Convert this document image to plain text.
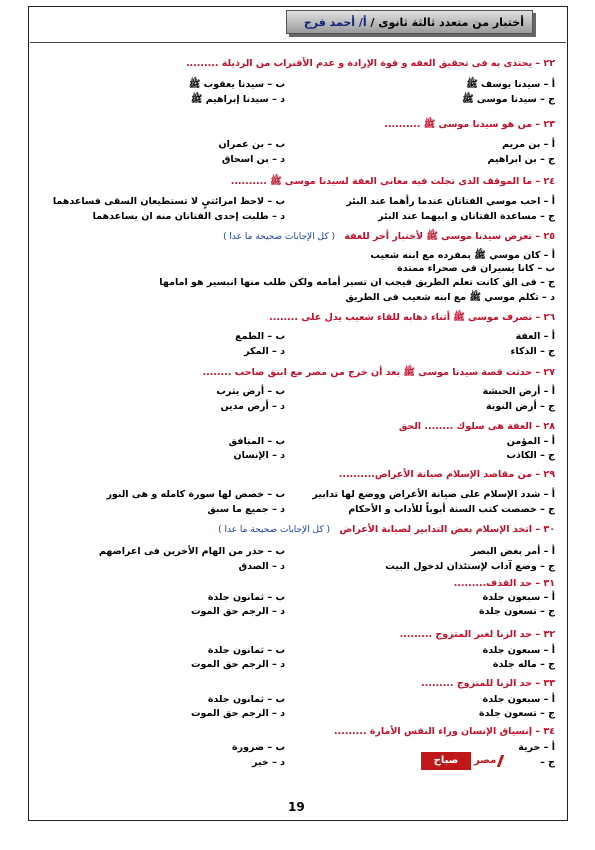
أختبار من متعدد ثالثة ثانوى / أ/ أحمد فرج
٢٢ – يحتذى به فى تحقيق العفه و قوة الإرادة و عدم الأقتراب من الرذيلة .........
أ – سيدنا يوسف ﷺ
ب – سيدنا يعقوب ﷺ
ج – سيدنا موسى ﷺ
د – سيدنا إبراهيم ﷺ
٢٣ – من هو سيدنا موسى ﷺ ..........
أ – بن مريم
ب – بن عمران
ج – بن ابراهيم
د – بن اسحاق
٢٤ – ما الموقف الذى تجلت فيه معانى العفة لسيدنا موسى ﷺ ..........
أ – احب موسي الفتاتان عندما رأهما عند البئر
ب – لاحظ امرائتيٍ لا تستطيعان السقى فساعدهما
ج – مساعدة الفتاتان و ابيهما عند البئر
د – طلبت إحدى الفتاتان منه ان يساعدهما
٢٥ – تعرض سيدنا موسى ﷺ لأختبار أخر للعفة ( كل الإجابات صحيحة ما عدا )
أ – كان موسي ﷺ بمفرده مع ابنه شعيب
ب – كانا يسيران فى صحراء ممتدة
ج – فى الق كانت تعلم الطريق فيجب ان تسير أمامه ولكن طلب منها انيسير هو امامها
د – تكلم موسي ﷺ مع ابنه شعيب فى الطريق
٢٦ – تصرف موسى ﷺ أثناء ذهابه للقاء شعيب يدل على ........
أ – العفة
ب – الطمع
ج – الذكاء
د – المكر
٢٧ – حدثت قصة سيدنا موسى ﷺ بعد أن خرج من مصر مع ابنق صاحب ........
أ – أرض الحبشة
ب – أرض يثرب
ج – أرض النوبة
د – أرض مدين
٢٨ – العفة هى سلوك ........ الحق
أ – المؤمن
ب – المنافق
ج – الكاذب
د – الإنسان
٢٩ – من مقاصد الإسلام صيانة الأعراض..........
أ – شدد الإسلام على صيانة الأعراض ووضع لها تدابير
ب – خصص لها سورة كامله و هى النور
ج – خصصت كتب السنة أبوباً للأداب و الأحكام
د – جميع ما سبق
٣٠ – اتخذ الإسلام بعض التدابير لصيانة الأعراض ( كل الإجابات صحيحة ما عدا )
أ – أمر بغض البصر
ب – حذر من الهام الأخرين فى اعراضهم
ج – وضع آداب لإستئذان لدخول البيت
د – الصدق
٣١ – حد القذف.........
أ – سبعون جلدة
ب – ثمانون جلدة
ج – تسعون جلدة
د – الرجم حق الموت
٣٢ – حد الزنا لغير المتزوج .........
أ – سبعون جلدة
ب – ثمانون جلدة
ج – ماله جلدة
د – الرجم حق الموت
٣٣ – حد الزنا للمتزوج .........
أ – سبعون جلدة
ب – ثمانون جلدة
ج – تسعون جلدة
د – الرجم حق الموت
٣٤ – إنسياق الإنسان وراء النفس الأمارة .........
أ – حرية
ب – ضرورة
ج –
د – خير	صباح	مصر
19
